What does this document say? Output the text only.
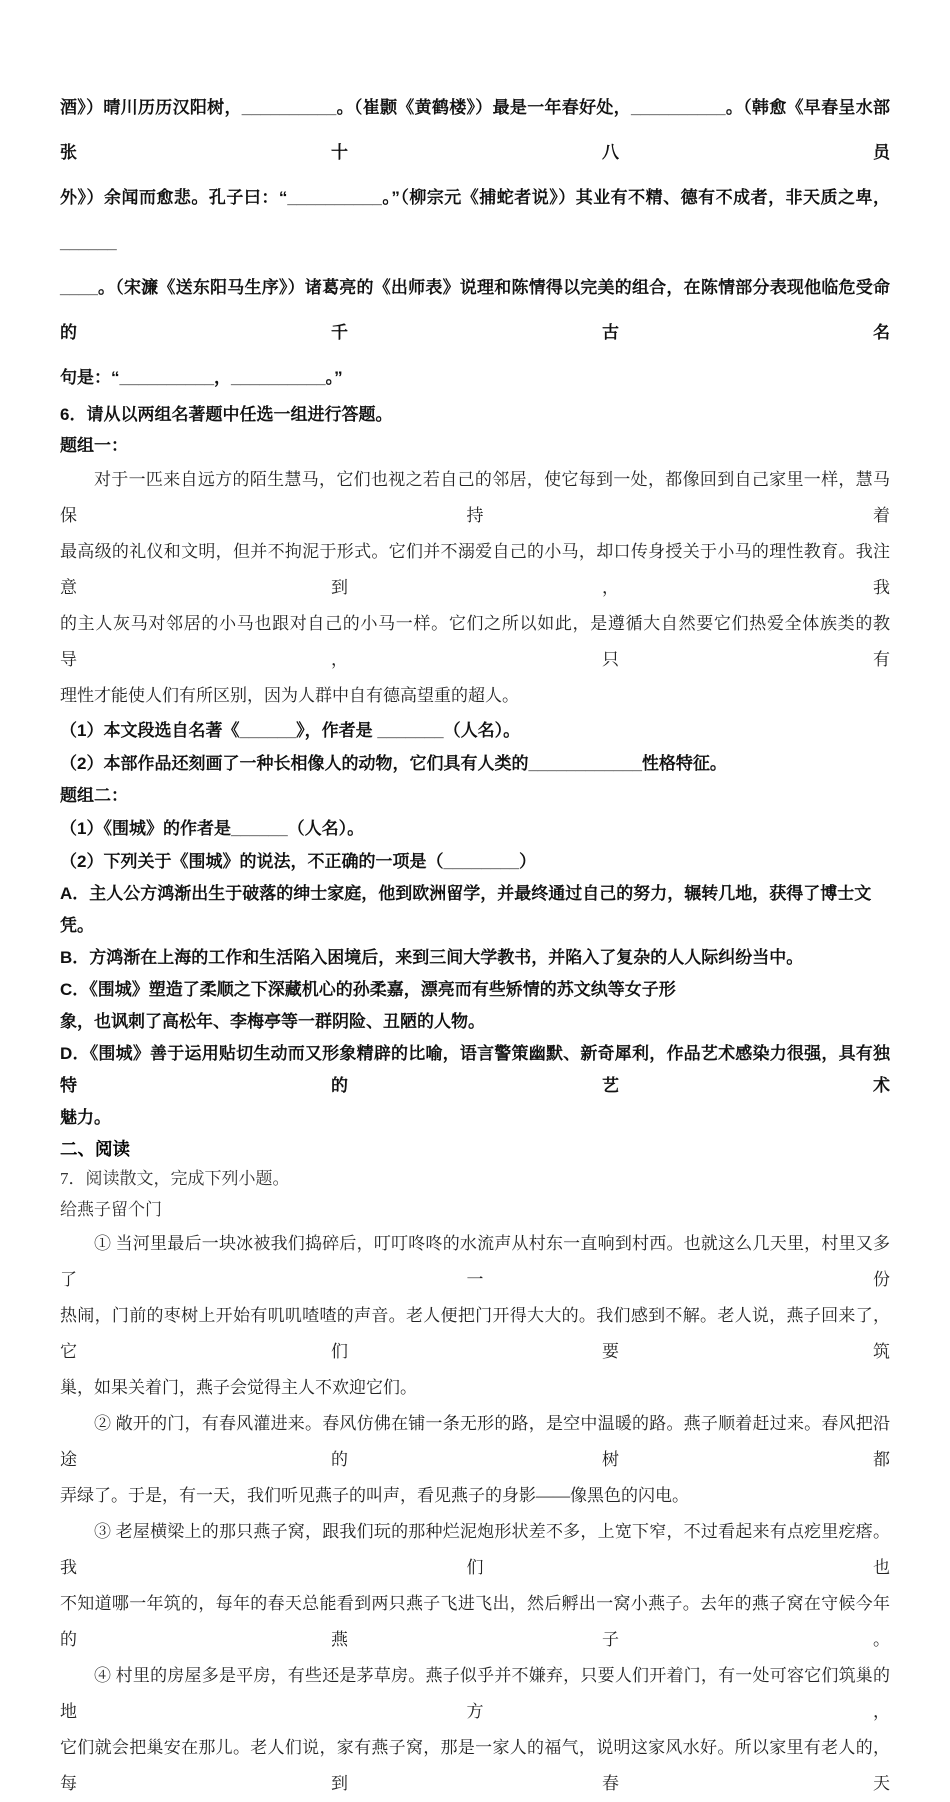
酒》）晴川历历汉阳树，__________。（崔颢《黄鹤楼》）最是一年春好处，__________。（韩愈《早春呈水部张十八员

外》）余闻而愈悲。孔子曰：“__________。”（柳宗元《捕蛇者说》）其业有不精、德有不成者，非天质之卑，______

____。（宋濂《送东阳马生序》）诸葛亮的《出师表》说理和陈情得以完美的组合，在陈情部分表现他临危受命的千古名

句是：“__________，__________。”

6．请从以两组名著题中任选一组进行答题。

题组一：

对于一匹来自远方的陌生慧马，它们也视之若自己的邻居，使它每到一处，都像回到自己家里一样，慧马保持着

最高级的礼仪和文明，但并不拘泥于形式。它们并不溺爱自己的小马，却口传身授关于小马的理性教育。我注意到，我

的主人灰马对邻居的小马也跟对自己的小马一样。它们之所以如此，是遵循大自然要它们热爱全体族类的教导，只有

理性才能使人们有所区别，因为人群中自有德高望重的超人。

（1）本文段选自名著《______》，作者是 _______（人名）。

（2）本部作品还刻画了一种长相像人的动物，它们具有人类的____________性格特征。

题组二：

（1）《围城》的作者是______（人名）。

（2）下列关于《围城》的说法，不正确的一项是（________）

A．主人公方鸿渐出生于破落的绅士家庭，他到欧洲留学，并最终通过自己的努力，辗转几地，获得了博士文凭。

B．方鸿渐在上海的工作和生活陷入困境后，来到三间大学教书，并陷入了复杂的人人际纠纷当中。

C．《围城》塑造了柔顺之下深藏机心的孙柔嘉，漂亮而有些矫情的苏文纨等女子形

象，也讽刺了高松年、李梅亭等一群阴险、丑陋的人物。

D．《围城》善于运用贴切生动而又形象精辟的比喻，语言警策幽默、新奇犀利，作品艺术感染力很强，具有独特的艺术

魅力。

二、阅读

7．阅读散文，完成下列小题。

给燕子留个门

① 当河里最后一块冰被我们捣碎后，叮叮咚咚的水流声从村东一直响到村西。也就这么几天里，村里又多了一份

热闹，门前的枣树上开始有叽叽喳喳的声音。老人便把门开得大大的。我们感到不解。老人说，燕子回来了，它们要筑

巢，如果关着门，燕子会觉得主人不欢迎它们。

② 敞开的门，有春风灌进来。春风仿佛在铺一条无形的路，是空中温暖的路。燕子顺着赶过来。春风把沿途的树都

弄绿了。于是，有一天，我们听见燕子的叫声，看见燕子的身影——像黑色的闪电。

③ 老屋横梁上的那只燕子窝，跟我们玩的那种烂泥炮形状差不多，上宽下窄，不过看起来有点疙里疙瘩。我们也

不知道哪一年筑的，每年的春天总能看到两只燕子飞进飞出，然后孵出一窝小燕子。去年的燕子窝在守候今年的燕子。

④ 村里的房屋多是平房，有些还是茅草房。燕子似乎并不嫌弃，只要人们开着门，有一处可容它们筑巢的地方，

它们就会把巢安在那儿。老人们说，家有燕子窝，那是一家人的福气，说明这家风水好。所以家里有老人的，每到春天
